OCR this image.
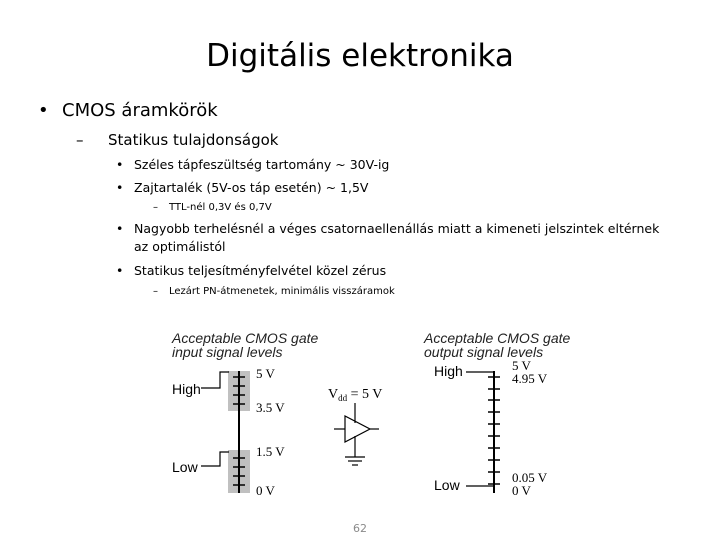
Digitális elektronika
• CMOS áramkörök
– Statikus tulajdonságok
• Széles tápfeszültség tartomány ~ 30V-ig
• Zajtartalék (5V-os táp esetén) ~ 1,5V
– TTL-nél 0,3V és 0,7V
• Nagyobb terhelésnél a véges csatornaellenállás miatt a kimeneti jelszintek eltérnek
az optimálistól
• Statikus teljesítményfelvétel közel zérus
– Lezárt PN-átmenetek, minimális visszáramok
Acceptable CMOS gate
input signal levels
Acceptable CMOS gate
output signal levels
High
Low
5 V
3.5 V
1.5 V
0 V
$V_{dd} = 5$ V
High
Low
5 V
4.95 V
0.05 V
0 V
62
